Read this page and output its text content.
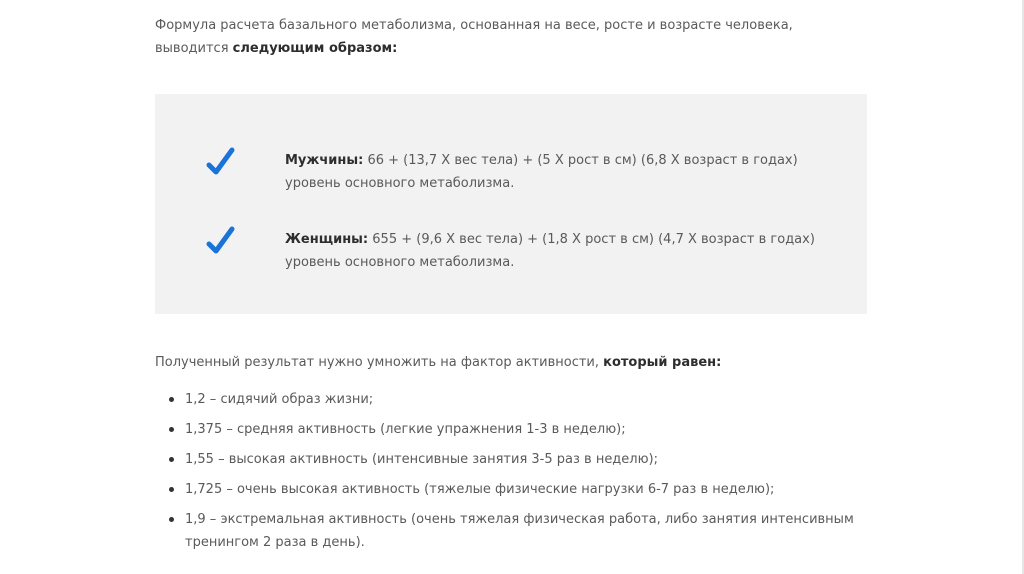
Формула расчета базального метаболизма, основанная на весе, росте и возрасте человека, выводится следующим образом:

Мужчины: 66 + (13,7 Х вес тела) + (5 Х рост в см) (6,8 Х возраст в годах) уровень основного метаболизма.

Женщины: 655 + (9,6 Х вес тела) + (1,8 Х рост в см) (4,7 Х возраст в годах) уровень основного метаболизма.

Полученный результат нужно умножить на фактор активности, который равен:

1,2 – сидячий образ жизни;
1,375 – средняя активность (легкие упражнения 1-3 в неделю);
1,55 – высокая активность (интенсивные занятия 3-5 раз в неделю);
1,725 – очень высокая активность (тяжелые физические нагрузки 6-7 раз в неделю);
1,9 – экстремальная активность (очень тяжелая физическая работа, либо занятия интенсивным тренингом 2 раза в день).
